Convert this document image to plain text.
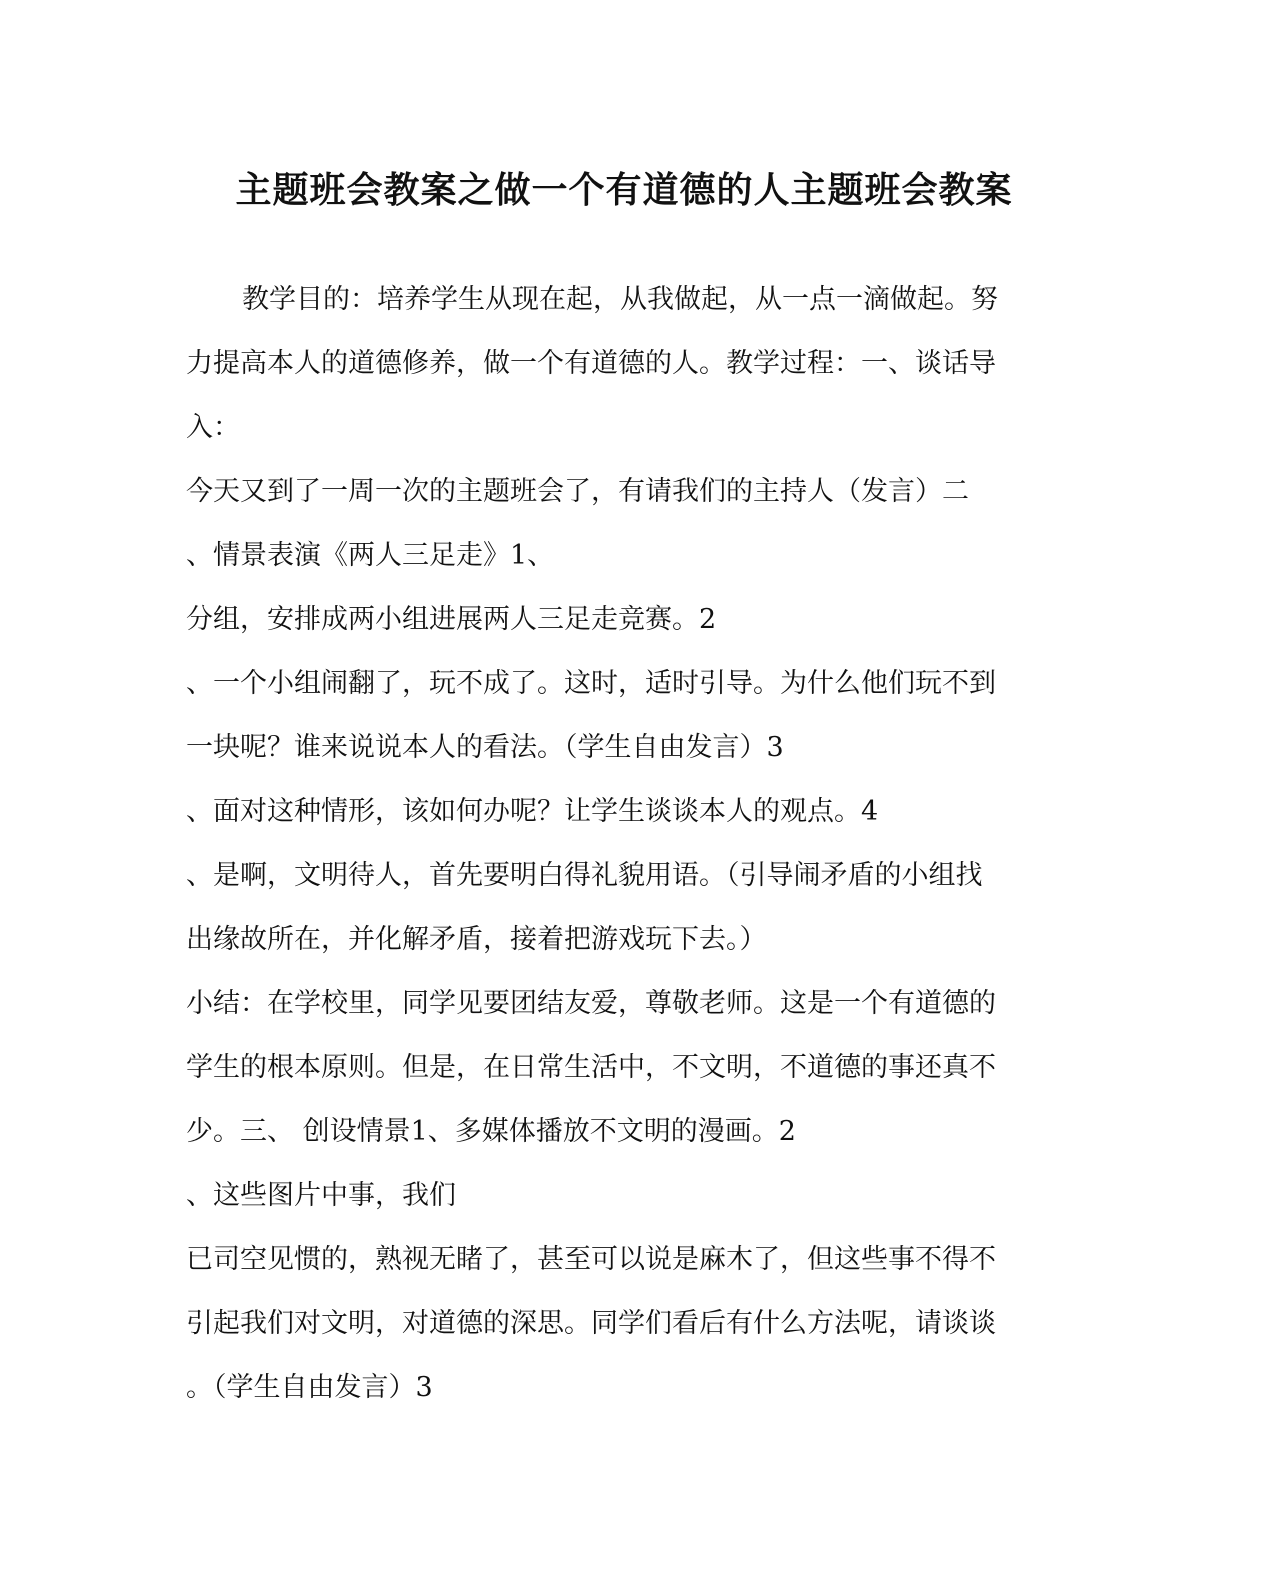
主题班会教案之做一个有道德的人主题班会教案

教学目的：培养学生从现在起，从我做起，从一点一滴做起。努

力提高本人的道德修养，做一个有道德的人。教学过程：一、谈话导

入：

今天又到了一周一次的主题班会了，有请我们的主持人（发言）二

、情景表演《两人三足走》1、

分组，安排成两小组进展两人三足走竞赛。2

、一个小组闹翻了，玩不成了。这时，适时引导。为什么他们玩不到

一块呢？谁来说说本人的看法。（学生自由发言）3

、面对这种情形，该如何办呢？让学生谈谈本人的观点。4

、是啊，文明待人，首先要明白得礼貌用语。（引导闹矛盾的小组找

出缘故所在，并化解矛盾，接着把游戏玩下去。）

小结：在学校里，同学见要团结友爱，尊敬老师。这是一个有道德的

学生的根本原则。但是，在日常生活中，不文明，不道德的事还真不

少。三、 创设情景1、多媒体播放不文明的漫画。2

、这些图片中事，我们

已司空见惯的，熟视无睹了，甚至可以说是麻木了，但这些事不得不

引起我们对文明，对道德的深思。同学们看后有什么方法呢，请谈谈

。（学生自由发言）3
